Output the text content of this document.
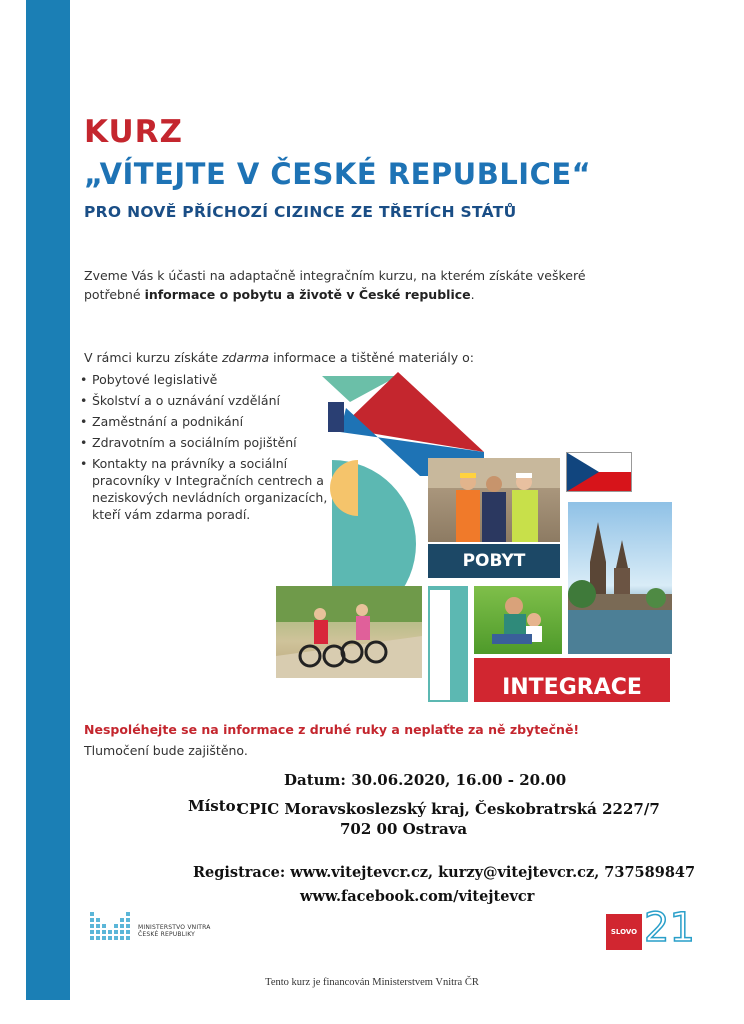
KURZ
„VÍTEJTE V ČESKÉ REPUBLICE“
PRO NOVĚ PŘÍCHOZÍ CIZINCE ZE TŘETÍCH STÁTŮ
Zveme Vás k účasti na adaptačně integračním kurzu, na kterém získáte veškeré potřebné informace o pobytu a životě v České republice.
V rámci kurzu získáte zdarma informace a tištěné materiály o:
• Pobytové legislativě
• Školství a o uznávání vzdělání
• Zaměstnání a podnikání
• Zdravotním a sociálním pojištění
• Kontakty na právníky a sociální pracovníky v Integračních centrech a neziskových nevládních organizacích, kteří vám zdarma poradí.
POBYT
INTEGRACE
Nespoléhejte se na informace z druhé ruky a neplaťte za ně zbytečně!
Tlumočení bude zajištěno.
Datum: 30.06.2020, 16.00 - 20.00
Místo:
CPIC Moravskoslezský kraj, Českobratrská 2227/7
702 00 Ostrava
Registrace: www.vitejtevcr.cz, kurzy@vitejtevcr.cz, 737589847
www.facebook.com/vitejtevcr
MINISTERSTVO VNITRA
ČESKÉ REPUBLIKY	SLOVO 21
Tento kurz je financován Ministerstvem Vnitra ČR
